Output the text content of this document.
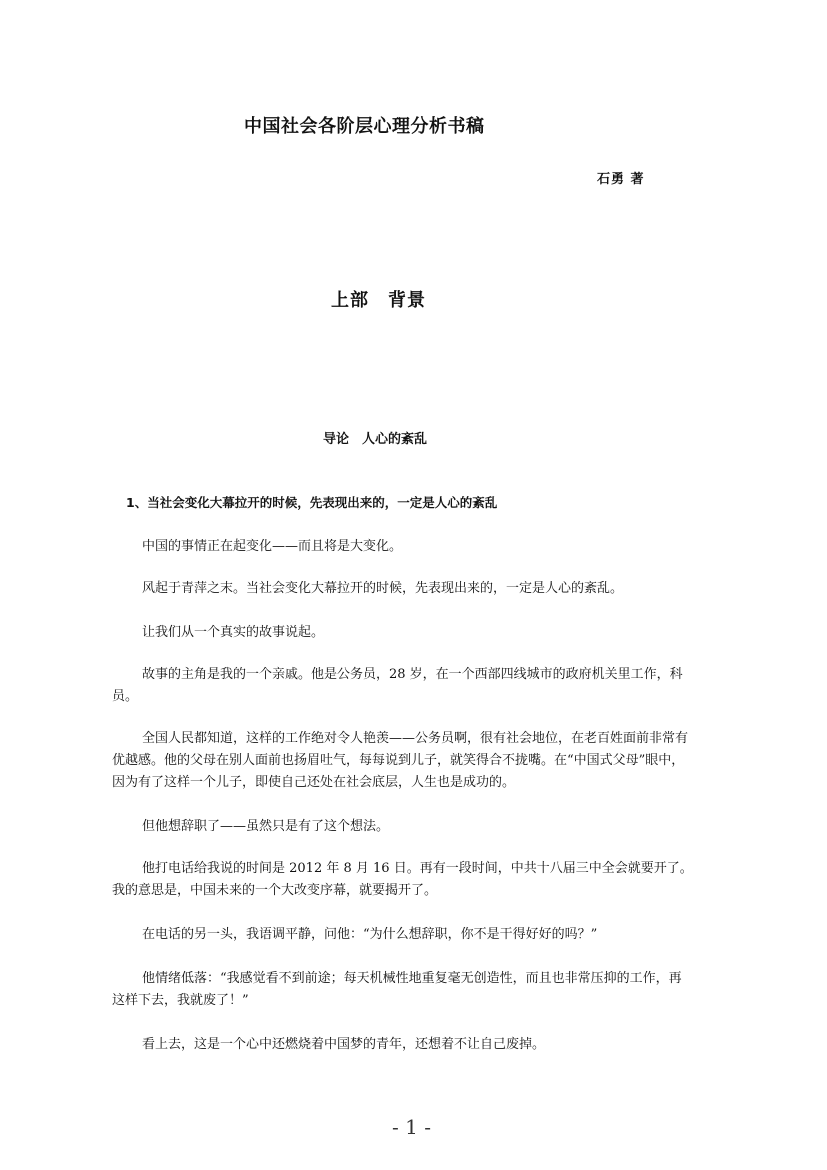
中国社会各阶层心理分析书稿
石勇 著
上部　背景
导论　人心的紊乱
1、当社会变化大幕拉开的时候，先表现出来的，一定是人心的紊乱
中国的事情正在起变化——而且将是大变化。
风起于青萍之末。当社会变化大幕拉开的时候，先表现出来的，一定是人心的紊乱。
让我们从一个真实的故事说起。
故事的主角是我的一个亲戚。他是公务员，28 岁，在一个西部四线城市的政府机关里工作，科员。
全国人民都知道，这样的工作绝对令人艳羡——公务员啊，很有社会地位，在老百姓面前非常有优越感。他的父母在别人面前也扬眉吐气，每每说到儿子，就笑得合不拢嘴。在“中国式父母”眼中，因为有了这样一个儿子，即使自己还处在社会底层，人生也是成功的。
但他想辞职了——虽然只是有了这个想法。
他打电话给我说的时间是 2012 年 8 月 16 日。再有一段时间，中共十八届三中全会就要开了。我的意思是，中国未来的一个大改变序幕，就要揭开了。
在电话的另一头，我语调平静，问他：“为什么想辞职，你不是干得好好的吗？”
他情绪低落：“我感觉看不到前途；每天机械性地重复毫无创造性，而且也非常压抑的工作，再这样下去，我就废了！”
看上去，这是一个心中还燃烧着中国梦的青年，还想着不让自己废掉。
- 1 -
